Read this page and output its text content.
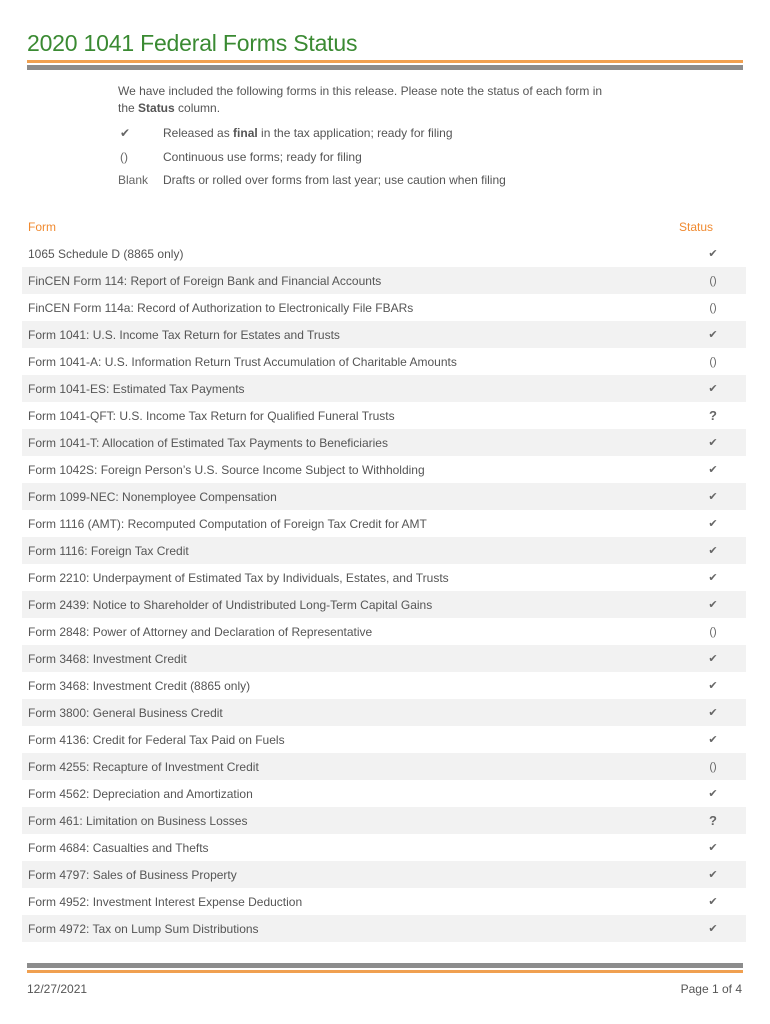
2020 1041 Federal Forms Status
We have included the following forms in this release. Please note the status of each form in
the Status column.
✔	Released as final in the tax application; ready for filing
()	Continuous use forms; ready for filing
Blank	Drafts or rolled over forms from last year; use caution when filing
Form	Status
1065 Schedule D (8865 only)	✔
FinCEN Form 114: Report of Foreign Bank and Financial Accounts	()
FinCEN Form 114a: Record of Authorization to Electronically File FBARs	()
Form 1041: U.S. Income Tax Return for Estates and Trusts	✔
Form 1041-A: U.S. Information Return Trust Accumulation of Charitable Amounts	()
Form 1041-ES: Estimated Tax Payments	✔
Form 1041-QFT: U.S. Income Tax Return for Qualified Funeral Trusts	?
Form 1041-T: Allocation of Estimated Tax Payments to Beneficiaries	✔
Form 1042S: Foreign Person’s U.S. Source Income Subject to Withholding	✔
Form 1099-NEC: Nonemployee Compensation	✔
Form 1116 (AMT): Recomputed Computation of Foreign Tax Credit for AMT	✔
Form 1116: Foreign Tax Credit	✔
Form 2210: Underpayment of Estimated Tax by Individuals, Estates, and Trusts	✔
Form 2439: Notice to Shareholder of Undistributed Long-Term Capital Gains	✔
Form 2848: Power of Attorney and Declaration of Representative	()
Form 3468: Investment Credit	✔
Form 3468: Investment Credit (8865 only)	✔
Form 3800: General Business Credit	✔
Form 4136: Credit for Federal Tax Paid on Fuels	✔
Form 4255: Recapture of Investment Credit	()
Form 4562: Depreciation and Amortization	✔
Form 461: Limitation on Business Losses	?
Form 4684: Casualties and Thefts	✔
Form 4797: Sales of Business Property	✔
Form 4952: Investment Interest Expense Deduction	✔
Form 4972: Tax on Lump Sum Distributions	✔
12/27/2021	Page 1 of 4
